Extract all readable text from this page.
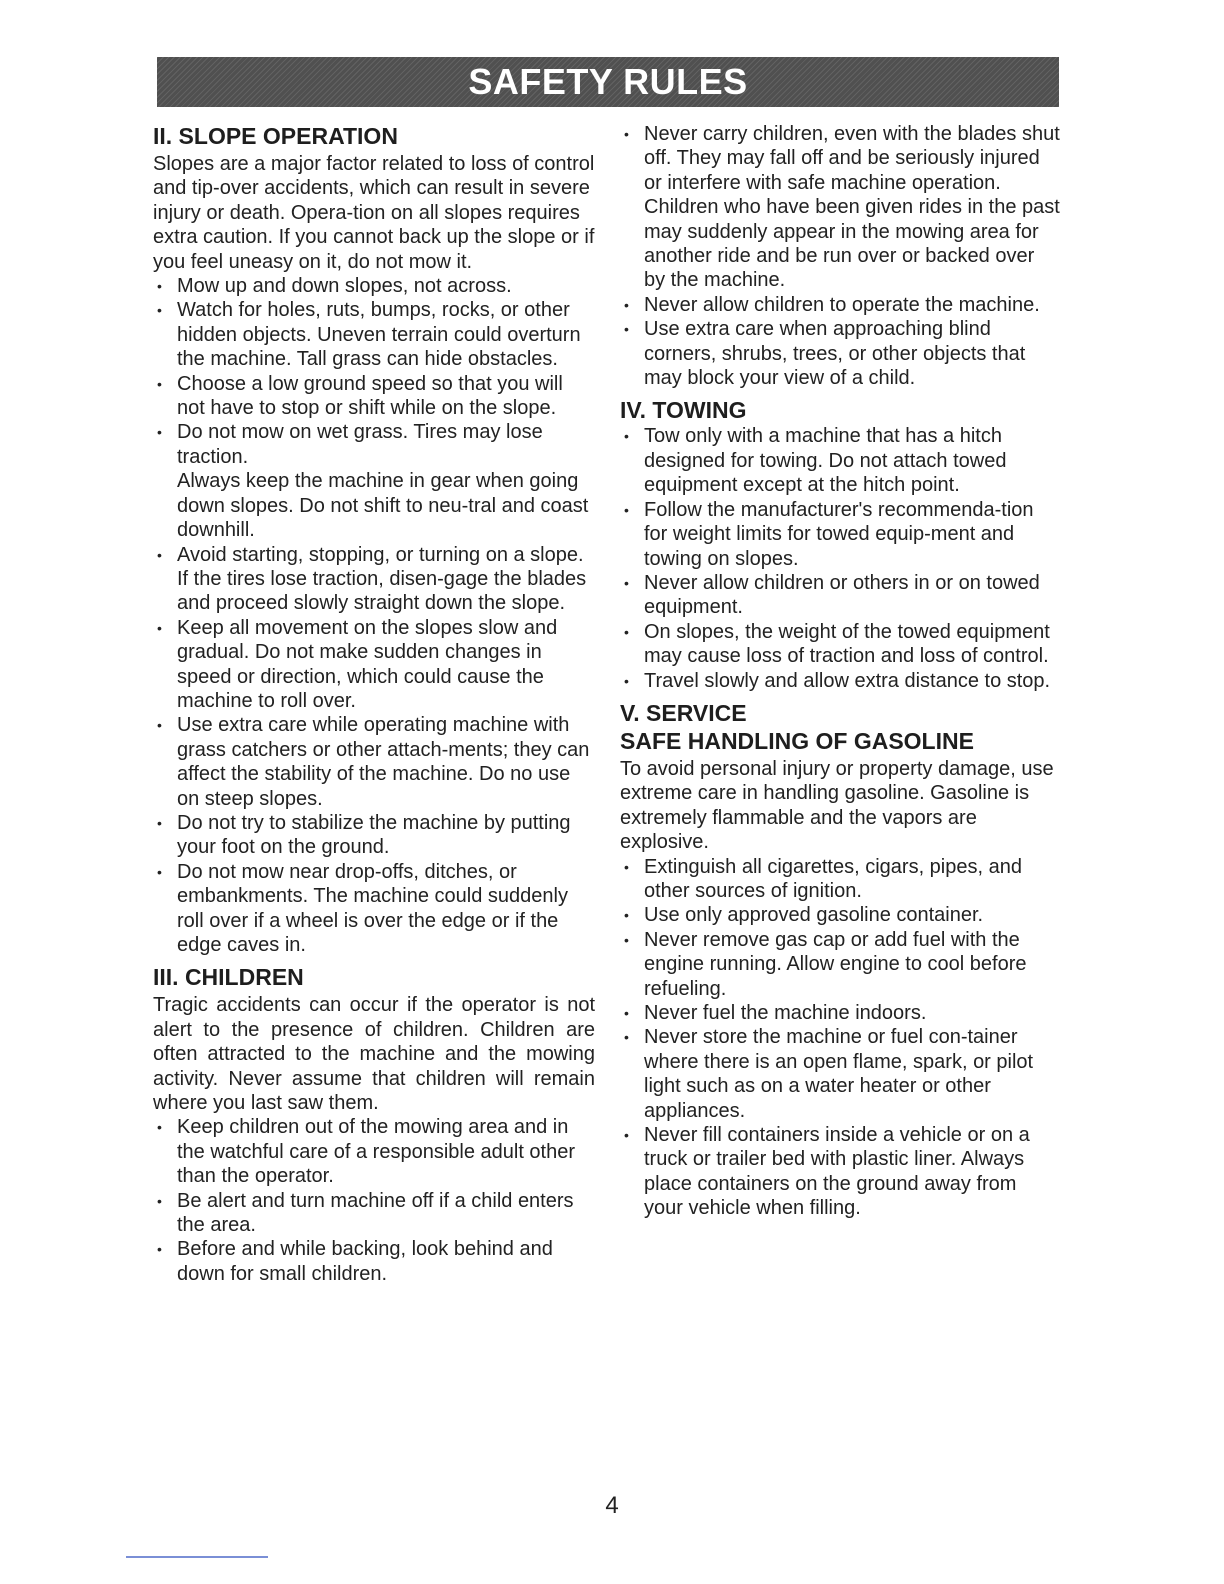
SAFETY RULES
II. SLOPE OPERATION

Slopes are a major factor related to loss of control and tip-over accidents, which can result in severe injury or death. Opera-tion on all slopes requires extra caution. If you cannot back up the slope or if you feel uneasy on it, do not mow it.

• Mow up and down slopes, not across.
• Watch for holes, ruts, bumps, rocks, or other hidden objects. Uneven terrain could overturn the machine. Tall grass can hide obstacles.
• Choose a low ground speed so that you will not have to stop or shift while on the slope.
• Do not mow on wet grass. Tires may lose traction.
Always keep the machine in gear when going down slopes. Do not shift to neu-tral and coast downhill.
• Avoid starting, stopping, or turning on a slope. If the tires lose traction, disen-gage the blades and proceed slowly straight down the slope.
• Keep all movement on the slopes slow and gradual. Do not make sudden changes in speed or direction, which could cause the machine to roll over.
• Use extra care while operating machine with grass catchers or other attach-ments; they can affect the stability of the machine. Do no use on steep slopes.
• Do not try to stabilize the machine by putting your foot on the ground.
• Do not mow near drop-offs, ditches, or embankments. The machine could suddenly roll over if a wheel is over the edge or if the edge caves in.
III. CHILDREN

Tragic accidents can occur if the operator is not alert to the presence of children. Children are often attracted to the machine and the mowing activity. Never assume that children will remain where you last saw them.

• Keep children out of the mowing area and in the watchful care of a responsible adult other than the operator.
• Be alert and turn machine off if a child enters the area.
• Before and while backing, look behind and down for small children.
• Never carry children, even with the blades shut off. They may fall off and be seriously injured or interfere with safe machine operation. Children who have been given rides in the past may suddenly appear in the mowing area for another ride and be run over or backed over by the machine.
• Never allow children to operate the machine.
• Use extra care when approaching blind corners, shrubs, trees, or other objects that may block your view of a child.
IV. TOWING
• Tow only with a machine that has a hitch designed for towing. Do not attach towed equipment except at the hitch point.
• Follow the manufacturer's recommenda-tion for weight limits for towed equip-ment and towing on slopes.
• Never allow children or others in or on towed equipment.
• On slopes, the weight of the towed equipment may cause loss of traction and loss of control.
• Travel slowly and allow extra distance to stop.
V. SERVICE
SAFE HANDLING OF GASOLINE

To avoid personal injury or property damage, use extreme care in handling gasoline. Gasoline is extremely flammable and the vapors are explosive.

• Extinguish all cigarettes, cigars, pipes, and other sources of ignition.
• Use only approved gasoline container.
• Never remove gas cap or add fuel with the engine running. Allow engine to cool before refueling.
• Never fuel the machine indoors.
• Never store the machine or fuel con-tainer where there is an open flame, spark, or pilot light such as on a water heater or other appliances.
• Never fill containers inside a vehicle or on a truck or trailer bed with plastic liner. Always place containers on the ground away from your vehicle when filling.
4
